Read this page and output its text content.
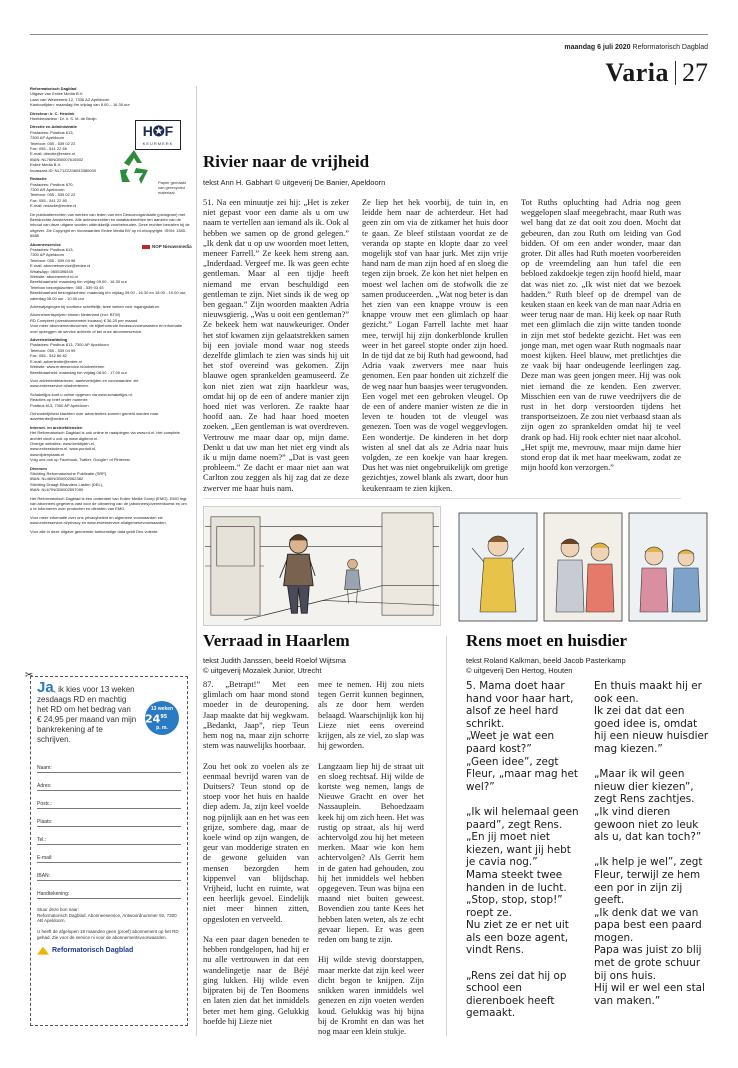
maandag 6 juli 2020 Reformatorisch Dagblad
Varia 27
Reformatorisch Dagblad

Uitgave van Erdee Media B.V.
Laan van Westenenk 12, 7336 AZ Apeldoorn
Kantoortijden: maandag t/m vrijdag van 8.00 – 16.30 uur

Directeur: ir. C. Heutink

Hoofdredacteur: Dr. ir. S. M. de Bruijn

Directie en Administratie

Postadres: Postbus 613,
7300 AP Apeldoorn
Telefoon: 055 - 539 02 22
Fax: 055 - 541 22 66
E-mail: directie@erdee.nl
IBAN: NL76INGB0007616502
Erdee Media B.V.
Incassant-ID: NL71ZZZ08043380000

Redactie

Postadres: Postbus 670,
7300 AR Apeldoorn
Telefoon: 055 - 539 02 22
Fax: 055 - 541 22 80
E-mail: redactie@erdee.nl

De publicatierechten van werken van leden van een Desconorganisatie (pictogram) met Beeldrechte Amstelveen. Alle auteursrechten en databankrechten ten aanzien van de inhoud van deze uitgave worden uitdrukkelijk voorbehouden. Deze rechten berusten bij de uitgever. Zie Copyright en Voorwaarden Erdee Media BV op rd.nl/copyright. ISSN: 1380-6688

Abonneeservice

Postadres: Postbus 613,
7300 AP Apeldoorn
Telefoon: 055 - 539 04 96
E-mail: abonneeservice@erdee.nl
WhatsApp: 0655396545
Website: abonnement.rd.nl
Bereikbaarheid: maandag t/m vrijdag 09.00 - 16.30 uur
Telefoon bezorgklachten: 055 - 539 03 45
Bereikbaarheid bezorgklachten: maandag t/m vrijdag 09.00 - 16.30 en 18.00 - 19.00 uur, zaterdag 08.00 uur - 10.00 uur

Adreswijzigingen bij voorkeur schriftelijk; twee weken vóór ingangsdatum.

Abonnementsprijzen binnen Nederland (incl. BTW)
RD Compleet (overabonnement incasso) € 36,25 per maand.
Voor meer abonnementsvormen, de bijbehorende lincasso/voorwaarden en informatie over opzeggen de service achterin of bel onze abonneeservice.

Advertentieafdeling

Postadres: Postbus 613, 7300 AP Apeldoorn
Telefoon: 055 - 539 04 99
Fax: 055 - 542 66 82
E-mail: advertentie@erdee.nl
Website: www.erdeeservice.nl/advertenen
Bereikbaarheid: maandag t/m vrijdag 08.00 - 17.00 uur

Voor advertentietarieven, aanleverkijden en voorwaarden: zie www.erdeeservice.nl/advertenen.

Schaketijps kunt u online opgeven via www.schaketijps.nl.
Reacties op brief onder nummer:
Postbus 613, 7300 AP Apeldoorn

Onhoudelijkheid klachten over advertenties kunnen gemeld worden naar advertentie@erdee.nl

Internet- en archiefdiensten

Het Reformatorisch Dagblad is ook online te raadplegen via www.rd.nl. Het complete archief vindt u ook op www.digibron.nl.
Overige websites: www.kerktijden.nl,
www.erdeestudent.nl, www.puntuit.nl,
www.tijdenplaats.nl
Volg ons ook op Facebook, Twitter, Google+ of Pinterest.

Diversen

Stichting Reformatorische Publicatie (SRP),
IBAN: NL46INGB0002062382
Stichting Draagt Elkanders Lasten (DEL),
IBAN: NL67INGB0002597090

Het Reformatorisch Dagblad is een onderdeel van Erdee Media Groep (EMG). EMG legt van abonnees gegevens vast voor de uitvoering van de (abonnees)overeenkomst en om u te informeren over producten en diensten van EMG.

Voor meer informatie over ons privacybeleid en algemene voorwaarden zie www.erdeeservice.nl/privacy en www.erdeeservice.nl/algemenevoorwaarden.

Voor alle in deze uitgave genoemde toekomstige data geldt Deo volente.

H✪F
KEURMERK
Papier gemaakt van gerecycled materiaal
NOP Nieuwsmedia
✂
Ja, ik kies voor 13 weken zesdaags RD en machtig het RD om het bedrag van € 24,95 per maand van mijn bankrekening af te schrijven.
13 weken
$24^{95}$
p. m.
Naam:
Adres:
Postc.:
Plaats:
Tel.:
E-mail:
IBAN:
Handtekening:
Stuur deze bon naar:
Reformatorisch Dagblad, Abonneeservice, Antwoordnummer 92, 7300 AB Apeldoorn.

U heeft de afgelopen 18 maanden geen (proef) abonnement op het RD gehad. Zie voor de service ni voor de abonnementsvoorwaarden.
Reformatorisch Dagblad
Rivier naar de vrijheid
tekst Ann H. Gabhart © uitgeverij De Banier, Apeldoorn
51. Na een minuutje zei hij: „Het is zeker niet gepast voor een dame als u om uw naam te vertellen aan iemand als ik. Ook al hebben we samen op de grond gelegen.” „Ik denk dat u op uw woorden moet letten, meneer Farrell.” Ze keek hem streng aan. „Inderdaad. Vergeef me. Ik was geen echte gentleman. Maar al een tijdje heeft niemand me ervan beschuldigd een gentleman te zijn. Niet sinds ik de weg op ben gegaan.” Zijn woorden maakten Adria nieuwsgierig. „Was u ooit een gentleman?” Ze bekeek hem wat nauwkeuriger. Onder het stof kwamen zijn gelaatstrekken samen bij een joviale mond waar nog steeds dezelfde glimlach te zien was sinds hij uit het stof overeind was gekomen. Zijn blauwe ogen sprankelden geamuseerd. Ze kon niet zien wat zijn haarkleur was, omdat hij op de een of andere manier zijn hoed niet was verloren. Ze raakte haar hoofd aan. Ze had haar hoed moeten zoeken. „Een gentleman is wat overdreven. Vertrouw me maar daar op, mijn dame. Denkt u dat uw man het niet erg vindt als ik u mijn dame noem?” „Dat is vast geen probleem.” Ze dacht er maar niet aan wat Carlton zou zeggen als hij zag dat ze deze zwerver me haar huis nam.
Ze liep het hek voorbij, de tuin in, en leidde hem naar de achterdeur. Het had geen zin om via de zitkamer het huis door te gaan. Ze bleef stilstaan voordat ze de veranda op stapte en klopte daar zo veel mogelijk stof van haar jurk. Met zijn vrije hand nam de man zijn hoed af en sloeg die tegen zijn broek. Ze kon het niet helpen en moest wel lachen om de stofwolk die ze samen produceerden. „Wat nog beter is dan het zien van een knappe vrouw is een knappe vrouw met een glimlach op haar gezicht.” Logan Farrell lachte met haar mee, terwijl hij zijn donkerblonde krullen weer in het gareel stopte onder zijn hoed. In de tijd dat ze bij Ruth had gewoond, had Adria vaak zwervers mee naar huis genomen. Een paar honden uit zichzelf die de weg naar hun baasjes weer terugvonden. Een vogel met een gebroken vleugel. Op de een of andere manier wisten ze die in leven te houden tot de vleugel was genezen. Toen was de vogel weggevlogen. Een wondertje. De kinderen in het dorp wisten al snel dat als ze Adria naar huis volgden, ze een koekje van haar kregen. Dus het was niet ongebruikelijk om gretige gezichtjes, zowel blank als zwart, door hun keukenraam te zien kijken.
Tot Ruths opluchting had Adria nog geen weggelopen slaaf meegebracht, maar Ruth was wel bang dat ze dat ooit zou doen. Mocht dat gebeuren, dan zou Ruth om leiding van God bidden. Of om een ander wonder, maar dan groter. Dit alles had Ruth moeten voorbereiden op de vreemdeling aan hun tafel die een bebloed zakdoekje tegen zijn hoofd hield, maar dat was niet zo. „Ik wist niet dat we bezoek hadden.” Ruth bleef op de drempel van de keuken staan en keek van de man naar Adria en weer terug naar de man. Hij keek op naar Ruth met een glimlach die zijn witte tanden toonde in zijn met stof bedekte gezicht. Het was een jonge man, met ogen waar Ruth nogmaals naar moest kijken. Heel blauw, met pretlichtjes die ze vaak bij haar ondeugende leerlingen zag. Deze man was geen jongen meer. Hij was ook niet iemand die ze kenden. Een zwerver. Misschien een van de ruwe veedrijvers die de rust in het dorp verstoorden tijdens het transportseizoen. Ze zou niet verbaasd staan als zijn ogen zo sprankelden omdat hij te veel drank op had. Hij rook echter niet naar alcohol. „Het spijt me, mevrouw, maar mijn dame hier stond erop dat ik met haar meekwam, zodat ze mijn hoofd kon verzorgen.”
Verraad in Haarlem
tekst Judith Janssen, beeld Roelof Wijtsma
© uitgeverij Mozaïek Junior, Utrecht
87. „Betrapt!” Met een glimlach om haar mond stond moeder in de deuropening. Jaap maakte dat hij wegkwam. „Bedankt, Jaap”, riep Teun hem nog na, maar zijn schorre stem was nauwelijks hoorbaar.

Zou het ook zo voelen als ze eenmaal bevrijd waren van de Duitsers? Teun stond op de stoep voor het huis en haalde diep adem. Ja, zijn keel voelde nog pijnlijk aan en het was een grijze, sombere dag, maar de koele wind op zijn wangen, de geur van modderige straten en de gewone geluiden van mensen bezorgden hem kippenvel van blijdschap. Vrijheid, lucht en ruimte, wat een heerlijk gevoel. Eindelijk niet meer binnen zitten, opgesloten en verveeld.

Na een paar dagen beneden te hebben rondgelopen, had hij er nu alle vertrouwen in dat een wandelingetje naar de Béjé ging lukken. Hij wilde even bijpraten bij de Ten Boomens en laten zien dat het inmiddels beter met hem ging. Gelukkig hoefde hij Lieze niet
mee te nemen. Hij zou niets tegen Gerrit kunnen beginnen, als ze door hem werden belaagd. Waarschijnlijk kon hij Lieze niet eens overeind krijgen, als ze viel, zo slap was hij geworden.

Langzaam liep hij de straat uit en sloeg rechtsaf. Hij wilde de kortste weg nemen, langs de Nieuwe Gracht en over het Nassauplein. Behoedzaam keek hij om zich heen. Het was rustig op straat, als hij werd achtervolgd zou hij het meteen merken. Maar wie kon hem achtervolgen? Als Gerrit hem in de gaten had gehouden, zou hij het inmiddels wel hebben opgegeven. Teun was bijna een maand niet buiten geweest. Bovendien zou tante Kees het hebben laten weten, als ze echt gevaar liepen. Er was geen reden om bang te zijn.

Hij wilde stevig doorstappen, maar merkte dat zijn keel weer dicht begon te knijpen. Zijn snikken waren inmiddels wel genezen en zijn voeten werden koud. Gelukkig was hij bijna bij de Kromht en dan was het nog maar een klein stukje.
Rens moet en huisdier
tekst Roland Kalkman, beeld Jacob Pasterkamp
© uitgeverij Den Hertog, Houten
5. Mama doet haar hand voor haar hart, alsof ze heel hard schrikt.
„Weet je wat een paard kost?”
„Geen idee”, zegt Fleur, „maar mag het wel?”

„Ik wil helemaal geen paard”, zegt Rens. „En jij moet niet kiezen, want jij hebt je cavia nog.”
Mama steekt twee handen in de lucht. „Stop, stop, stop!” roept ze.
Nu ziet ze er net uit als een boze agent, vindt Rens.

„Rens zei dat hij op school een dierenboek heeft gemaakt.
En thuis maakt hij er ook een.
Ik zei dat dat een goed idee is, omdat hij een nieuw huisdier mag kiezen.”

„Maar ik wil geen nieuw dier kiezen”, zegt Rens zachtjes. „Ik vind dieren gewoon niet zo leuk als u, dat kan toch?”

„Ik help je wel”, zegt Fleur, terwijl ze hem een por in zijn zij geeft.
„Ik denk dat we van papa best een paard mogen.
Papa was juist zo blij met de grote schuur bij ons huis.
Hij wil er wel een stal van maken.”
